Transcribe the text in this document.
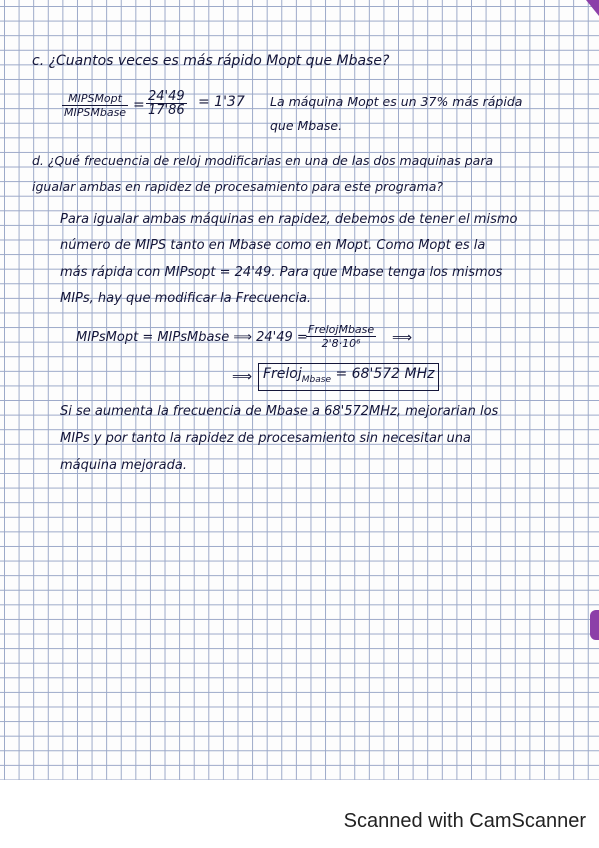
c. ¿Cuantos veces es más rápido Mopt que Mbase?
MIPSMopt
MIPSMbase = $\frac{24'49}{17'86} = 1'37$ La máquina Mopt es un 37% más rápida
que Mbase.
d. ¿Qué frecuencia de reloj modificarias en una de las dos maquinas para
igualar ambas en rapidez de procesamiento para este programa?
Para igualar ambas máquinas en rapidez, debemos de tener el mismo
número de MIPS tanto en Mbase como en Mopt. Como Mopt es la
más rápida con MIPsopt = 24'49. Para que Mbase tenga los mismos
MIPs, hay que modificar la Frecuencia.
MIPsMopt = MIPsMbase ⟹ 24'49 =
FrelojMbase
2'8·10⁶	⟹
⟹ Freloj$_{Mbase}$ = 68'572 MHz
Si se aumenta la frecuencia de Mbase a 68'572MHz, mejorarian los
MIPs y por tanto la rapidez de procesamiento sin necesitar una
máquina mejorada.
Scanned with CamScanner
